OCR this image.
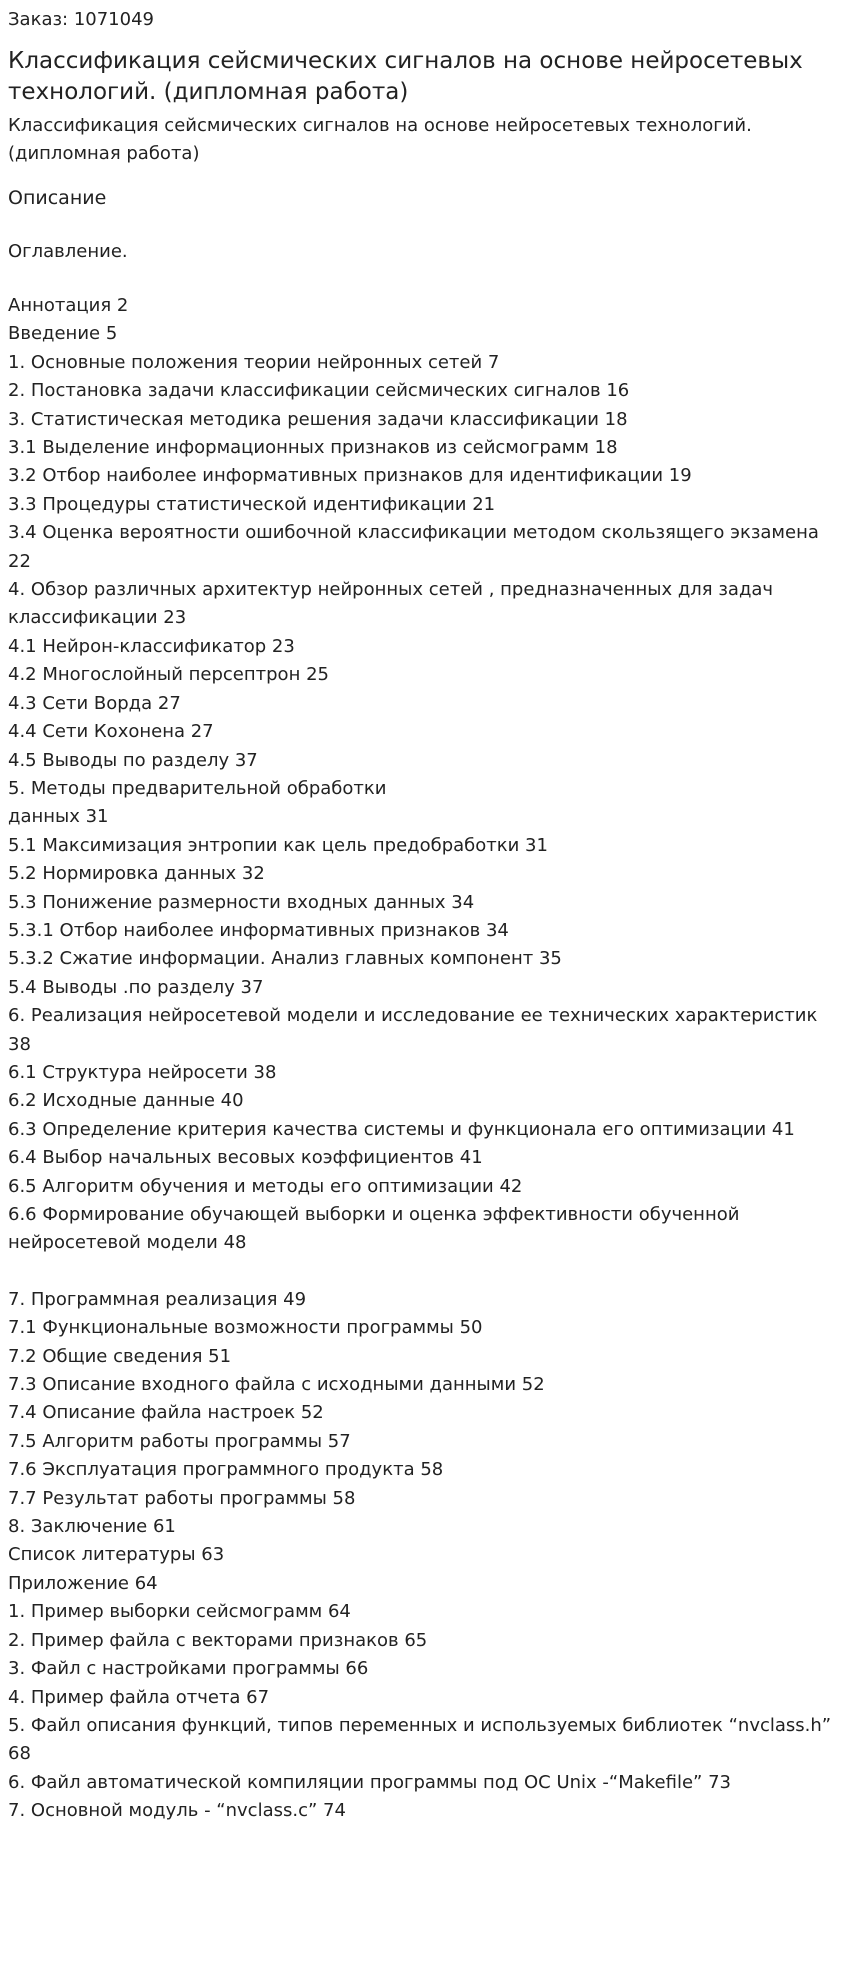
Заказ: 1071049
Классификация сейсмических сигналов на основе нейросетевых технологий. (дипломная работа)
Классификация сейсмических сигналов на основе нейросетевых технологий. (дипломная работа)
Описание
Оглавление.
Аннотация 2
Введение 5
1. Основные положения теории нейронных сетей 7
2. Постановка задачи классификации сейсмических сигналов 16
3. Статистическая методика решения задачи классификации 18
3.1 Выделение информационных признаков из сейсмограмм 18
3.2 Отбор наиболее информативных признаков для идентификации 19
3.3 Процедуры статистической идентификации 21
3.4 Оценка вероятности ошибочной классификации методом скользящего экзамена 22
4. Обзор различных архитектур нейронных сетей , предназначенных для задач классификации 23
4.1 Нейрон-классификатор 23
4.2 Многослойный персептрон 25
4.3 Сети Ворда 27
4.4 Сети Кохонена 27
4.5 Выводы по разделу 37
5. Методы предварительной обработки
данных 31
5.1 Максимизация энтропии как цель предобработки 31
5.2 Нормировка данных 32
5.3 Понижение размерности входных данных 34
5.3.1 Отбор наиболее информативных признаков 34
5.3.2 Сжатие информации. Анализ главных компонент 35
5.4 Выводы .по разделу 37
6. Реализация нейросетевой модели и исследование ее технических характеристик 38
6.1 Структура нейросети 38
6.2 Исходные данные 40
6.3 Определение критерия качества системы и функционала его оптимизации 41
6.4 Выбор начальных весовых коэффициентов 41
6.5 Алгоритм обучения и методы его оптимизации 42
6.6 Формирование обучающей выборки и оценка эффективности обученной нейросетевой модели 48
7. Программная реализация 49
7.1 Функциональные возможности программы 50
7.2 Общие сведения 51
7.3 Описание входного файла с исходными данными 52
7.4 Описание файла настроек 52
7.5 Алгоритм работы программы 57
7.6 Эксплуатация программного продукта 58
7.7 Результат работы программы 58
8. Заключение 61
Список литературы 63
Приложение 64
1. Пример выборки сейсмограмм 64
2. Пример файла с векторами признаков 65
3. Файл с настройками программы 66
4. Пример файла отчета 67
5. Файл описания функций, типов переменных и используемых библиотек “nvclass.h” 68
6. Файл автоматической компиляции программы под ОС Unix -“Makefile” 73
7. Основной модуль - “nvclass.c” 74
